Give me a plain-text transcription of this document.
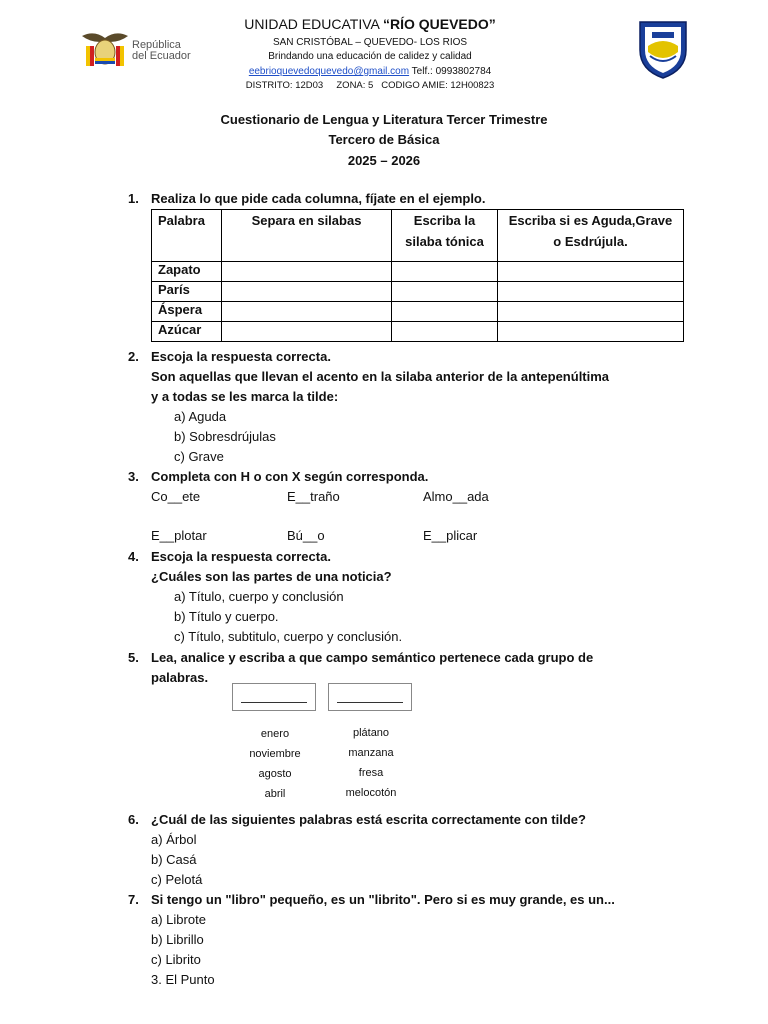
República
del Ecuador
UNIDAD EDUCATIVA “RÍO QUEVEDO”
SAN CRISTÓBAL – QUEVEDO- LOS RIOS
Brindando una educación de calidez y calidad
eebrioquevedoquevedo@gmail.com Telf.: 0993802784
DISTRITO: 12D03     ZONA: 5   CODIGO AMIE: 12H00823
Cuestionario de Lengua y Literatura Tercer Trimestre
Tercero de Básica
2025 – 2026
1. Realiza lo que pide cada columna, fíjate en el ejemplo.
Palabra	Separa en silabas	Escriba la silaba tónica	Escriba si es Aguda,Grave o Esdrújula.
Zapato			
París			
Áspera			
Azúcar			
2. Escoja la respuesta correcta.
Son aquellas que llevan el acento en la silaba anterior de la antepenúltima
y a todas se les marca la tilde:
a) Aguda
b) Sobresdrújulas
c) Grave
3. Completa con H o con X según corresponda.
Co__ete	E__traño	Almo__ada
E__plotar	Bú__o	E__plicar
4. Escoja la respuesta correcta.
¿Cuáles son las partes de una noticia?
a) Título, cuerpo y conclusión
b) Título y cuerpo.
c) Título, subtitulo, cuerpo y conclusión.
5. Lea, analice y escriba a que campo semántico pertenece cada grupo de
palabras.
enero
noviembre
agosto
abril
plátano
manzana
fresa
melocotón
6. ¿Cuál de las siguientes palabras está escrita correctamente con tilde?
a) Árbol
b) Casá
c) Pelotá
7. Si tengo un "libro" pequeño, es un "librito". Pero si es muy grande, es un...
a) Librote
b) Librillo
c) Librito
3. El Punto
